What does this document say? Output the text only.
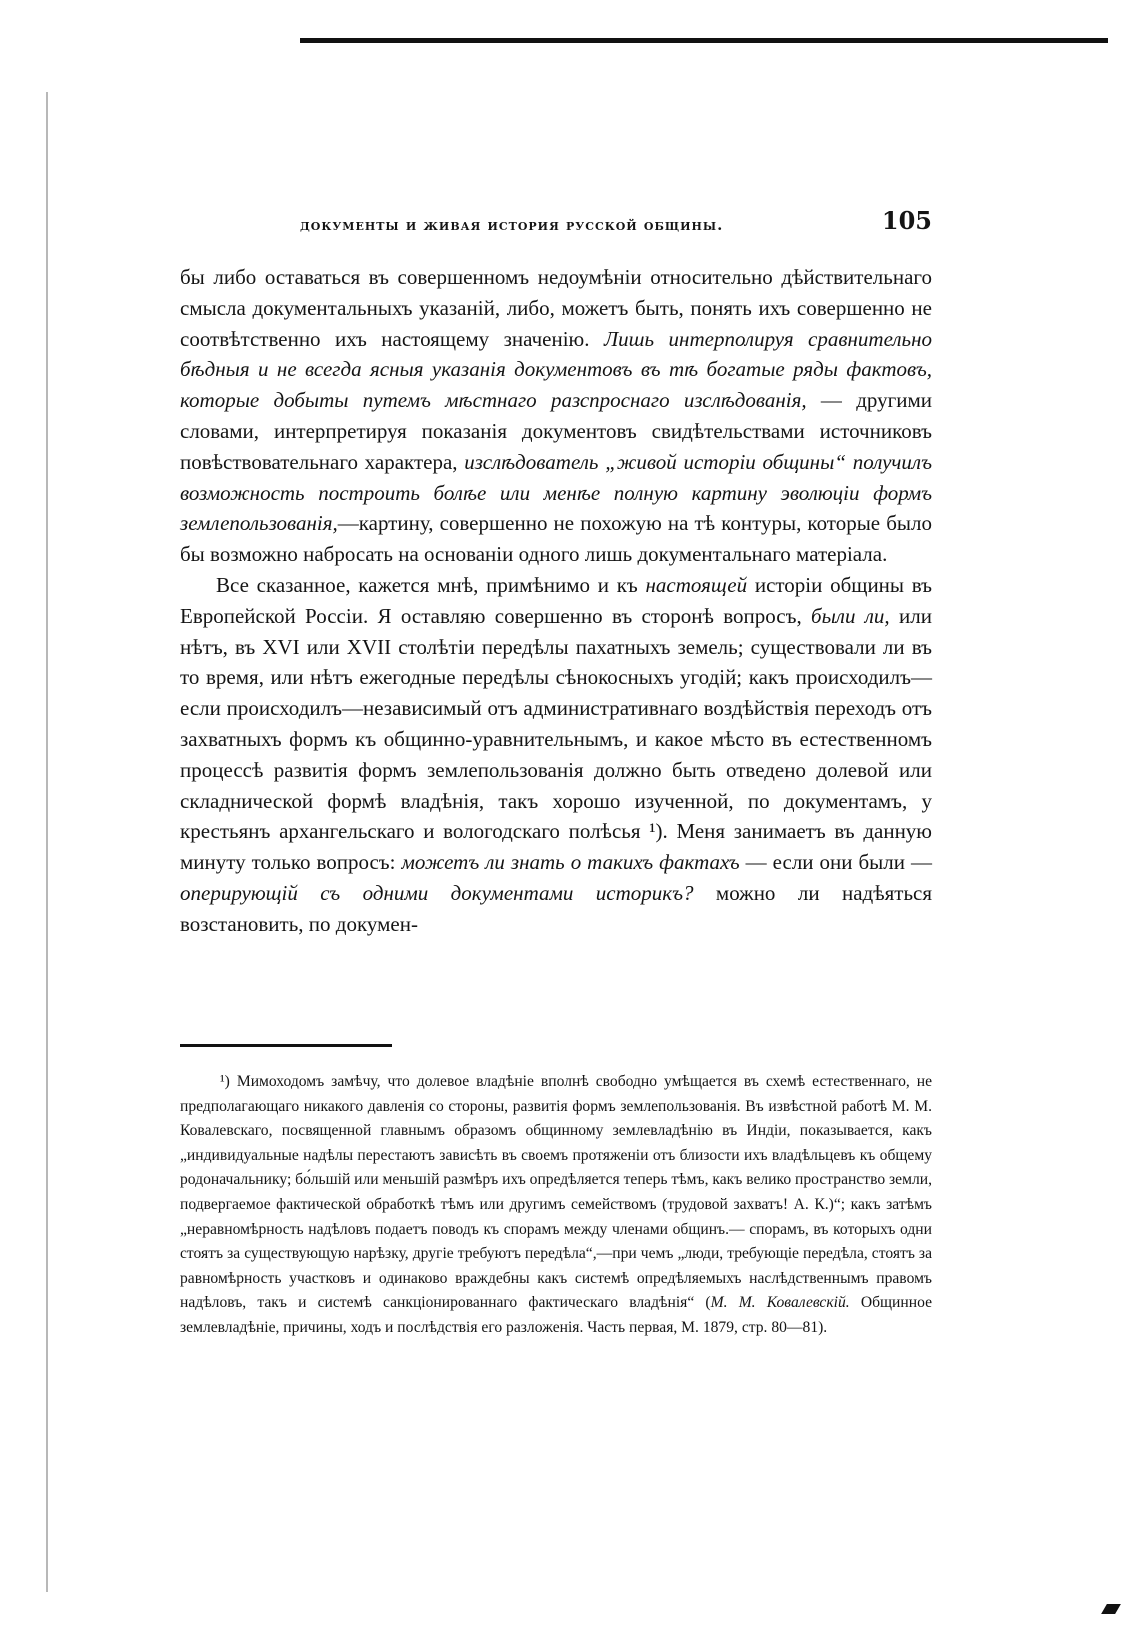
документы и живая история русской общины.	105

бы либо оставаться въ совершенномъ недоумѣніи относительно дѣйствительнаго смысла документальныхъ указаній, либо, можетъ быть, понять ихъ совершенно не соотвѣтственно ихъ настоящему значенію. Лишь интерполируя сравнительно бѣдныя и не всегда ясныя указанія документовъ въ тѣ богатые ряды фактовъ, которые добыты путемъ мѣстнаго разспроснаго изслѣдованія, — другими словами, интерпретируя показанія документовъ свидѣтельствами источниковъ повѣствовательнаго характера, изслѣдователь „живой исторіи общины“ получилъ возможность построить болѣе или менѣе полную картину эволюціи формъ землепользованія,—картину, совершенно не похожую на тѣ контуры, которые было бы возможно набросать на основаніи одного лишь документальнаго матеріала.

Все сказанное, кажется мнѣ, примѣнимо и къ настоящей исторіи общины въ Европейской Россіи. Я оставляю совершенно въ сторонѣ вопросъ, были ли, или нѣтъ, въ XVI или XVII столѣтіи передѣлы пахатныхъ земель; существовали ли въ то время, или нѣтъ ежегодные передѣлы сѣнокосныхъ угодій; какъ происходилъ—если происходилъ—независимый отъ административнаго воздѣйствія переходъ отъ захватныхъ формъ къ общинно-уравнительнымъ, и какое мѣсто въ естественномъ процессѣ развитія формъ землепользованія должно быть отведено долевой или складнической формѣ владѣнія, такъ хорошо изученной, по документамъ, у крестьянъ архангельскаго и вологодскаго полѣсья ¹). Меня занимаетъ въ данную минуту только вопросъ: можетъ ли знать о такихъ фактахъ — если они были — оперирующій съ одними документами историкъ? можно ли надѣяться возстановить, по докумен-

¹) Мимоходомъ замѣчу, что долевое владѣніе вполнѣ свободно умѣщается въ схемѣ естественнаго, не предполагающаго никакого давленія со стороны, развитія формъ землепользованія. Въ извѣстной работѣ М. М. Ковалевскаго, посвященной главнымъ образомъ общинному землевладѣнію въ Индіи, показывается, какъ „индивидуальные надѣлы перестаютъ зависѣть въ своемъ протяженіи отъ близости ихъ владѣльцевъ къ общему родоначальнику; бо́льшій или меньшій размѣръ ихъ опредѣляется теперь тѣмъ, какъ велико пространство земли, подвергаемое фактической обработкѣ тѣмъ или другимъ семействомъ (трудовой захватъ! А. К.)“; какъ затѣмъ „неравномѣрность надѣловъ подаетъ поводъ къ спорамъ между членами общинъ.— спорамъ, въ которыхъ одни стоятъ за существующую нарѣзку, другіе требуютъ передѣла“,—при чемъ „люди, требующіе передѣла, стоятъ за равномѣрность участковъ и одинаково враждебны какъ системѣ опредѣляемыхъ наслѣдственнымъ правомъ надѣловъ, такъ и системѣ санкціонированнаго фактическаго владѣнія“ (М. М. Ковалевскій. Общинное землевладѣніе, причины, ходъ и послѣдствія его разложенія. Часть первая, М. 1879, стр. 80—81).
